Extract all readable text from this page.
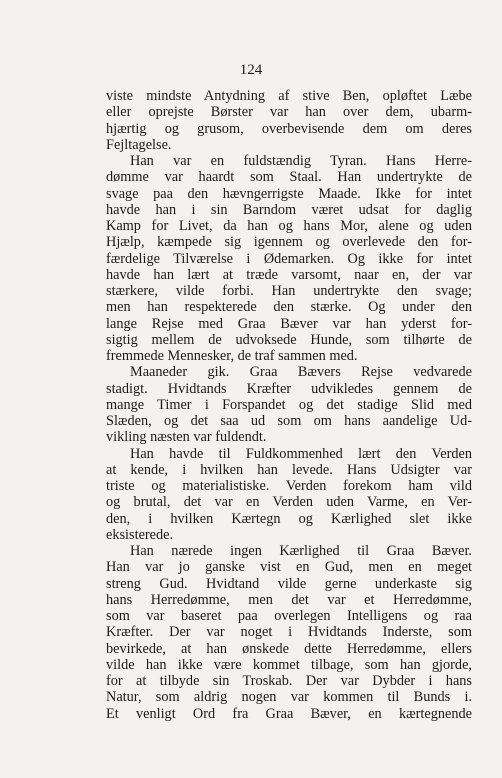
124
viste mindste Antydning af stive Ben, opløftet Læbe
eller oprejste Børster var han over dem, ubarm-
hjærtig og grusom, overbevisende dem om deres
Fejltagelse.
Han var en fuldstændig Tyran. Hans Herre-
dømme var haardt som Staal. Han undertrykte de
svage paa den hævngerrigste Maade. Ikke for intet
havde han i sin Barndom været udsat for daglig
Kamp for Livet, da han og hans Mor, alene og uden
Hjælp, kæmpede sig igennem og overlevede den for-
færdelige Tilværelse i Ødemarken. Og ikke for intet
havde han lært at træde varsomt, naar en, der var
stærkere, vilde forbi. Han undertrykte den svage;
men han respekterede den stærke. Og under den
lange Rejse med Graa Bæver var han yderst for-
sigtig mellem de udvoksede Hunde, som tilhørte de
fremmede Mennesker, de traf sammen med.
Maaneder gik. Graa Bævers Rejse vedvarede
stadigt. Hvidtands Kræfter udvikledes gennem de
mange Timer i Forspandet og det stadige Slid med
Slæden, og det saa ud som om hans aandelige Ud-
vikling næsten var fuldendt.
Han havde til Fuldkommenhed lært den Verden
at kende, i hvilken han levede. Hans Udsigter var
triste og materialistiske. Verden forekom ham vild
og brutal, det var en Verden uden Varme, en Ver-
den, i hvilken Kærtegn og Kærlighed slet ikke
eksisterede.
Han nærede ingen Kærlighed til Graa Bæver.
Han var jo ganske vist en Gud, men en meget
streng Gud. Hvidtand vilde gerne underkaste sig
hans Herredømme, men det var et Herredømme,
som var baseret paa overlegen Intelligens og raa
Kræfter. Der var noget i Hvidtands Inderste, som
bevirkede, at han ønskede dette Herredømme, ellers
vilde han ikke være kommet tilbage, som han gjorde,
for at tilbyde sin Troskab. Der var Dybder i hans
Natur, som aldrig nogen var kommen til Bunds i.
Et venligt Ord fra Graa Bæver, en kærtegnende
